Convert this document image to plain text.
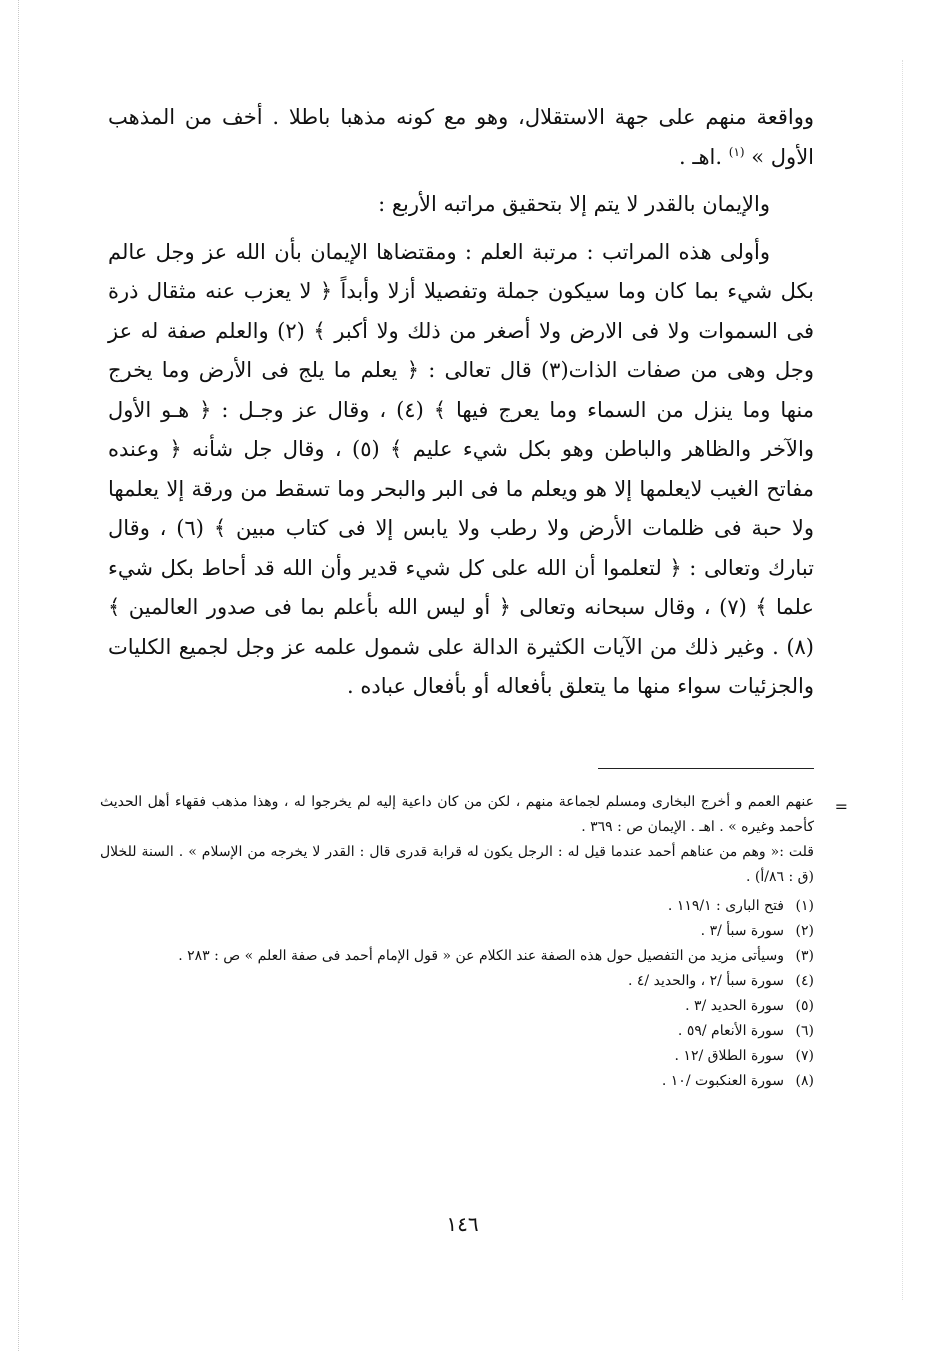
وواقعة منهم على جهة الاستقلال، وهو مع كونه مذهبا باطلا . أخف من المذهب الأول » $^{(١)}$ .اهـ .

والإيمان بالقدر لا يتم إلا بتحقيق مراتبه الأربع :

وأولى هذه المراتب : مرتبة العلم : ومقتضاها الإيمان بأن الله عز وجل عالم بكل شيء بما كان وما سيكون جملة وتفصيلا أزلا وأبداً ﴿ لا يعزب عنه مثقال ذرة فى السموات ولا فى الارض ولا أصغر من ذلك ولا أكبر ﴾ (٢) والعلم صفة له عز وجل وهى من صفات الذات(٣) قال تعالى : ﴿ يعلم ما يلج فى الأرض وما يخرج منها وما ينزل من السماء وما يعرج فيها ﴾ (٤) ، وقال عز وجـل : ﴿ هـو الأول والآخر والظاهر والباطن وهو بكل شيء عليم ﴾ (٥) ، وقال جل شأنه ﴿ وعنده مفاتح الغيب لايعلمها إلا هو ويعلم ما فى البر والبحر وما تسقط من ورقة إلا يعلمها ولا حبة فى ظلمات الأرض ولا رطب ولا يابس إلا فى كتاب مبين ﴾ (٦) ، وقال تبارك وتعالى : ﴿ لتعلموا أن الله على كل شيء قدير وأن الله قد أحاط بكل شيء علما ﴾ (٧) ، وقال سبحانه وتعالى ﴿ أو ليس الله بأعلم بما فى صدور العالمين ﴾ (٨) . وغير ذلك من الآيات الكثيرة الدالة على شمول علمه عز وجل لجميع الكليات والجزئيات سواء منها ما يتعلق بأفعاله أو بأفعال عباده .

=
عنهم العمم و أخرج البخارى ومسلم لجماعة منهم ، لكن من كان داعية إليه لم يخرجوا له ، وهذا مذهب فقهاء أهل الحديث كأحمد وغيره » . اهـ . الإيمان ص : ٣٦٩ .
قلت :« وهم من عناهم أحمد عندما قيل له : الرجل يكون له قرابة قدرى قال : القدر لا يخرجه من الإسلام » . السنة للخلال (ق : ٨٦/أ) .
(١)
فتح البارى : ١١٩/١ .
(٢)
سورة سبأ /٣ .
(٣)
وسيأتى مزيد من التفصيل حول هذه الصفة عند الكلام عن « قول الإمام أحمد فى صفة العلم » ص : ٢٨٣ .
(٤)
سورة سبأ /٢ ، والحديد /٤ .
(٥)
سورة الحديد /٣ .
(٦)
سورة الأنعام /٥٩ .
(٧)
سورة الطلاق /١٢ .
(٨)
سورة العنكبوت /١٠ .
١٤٦
